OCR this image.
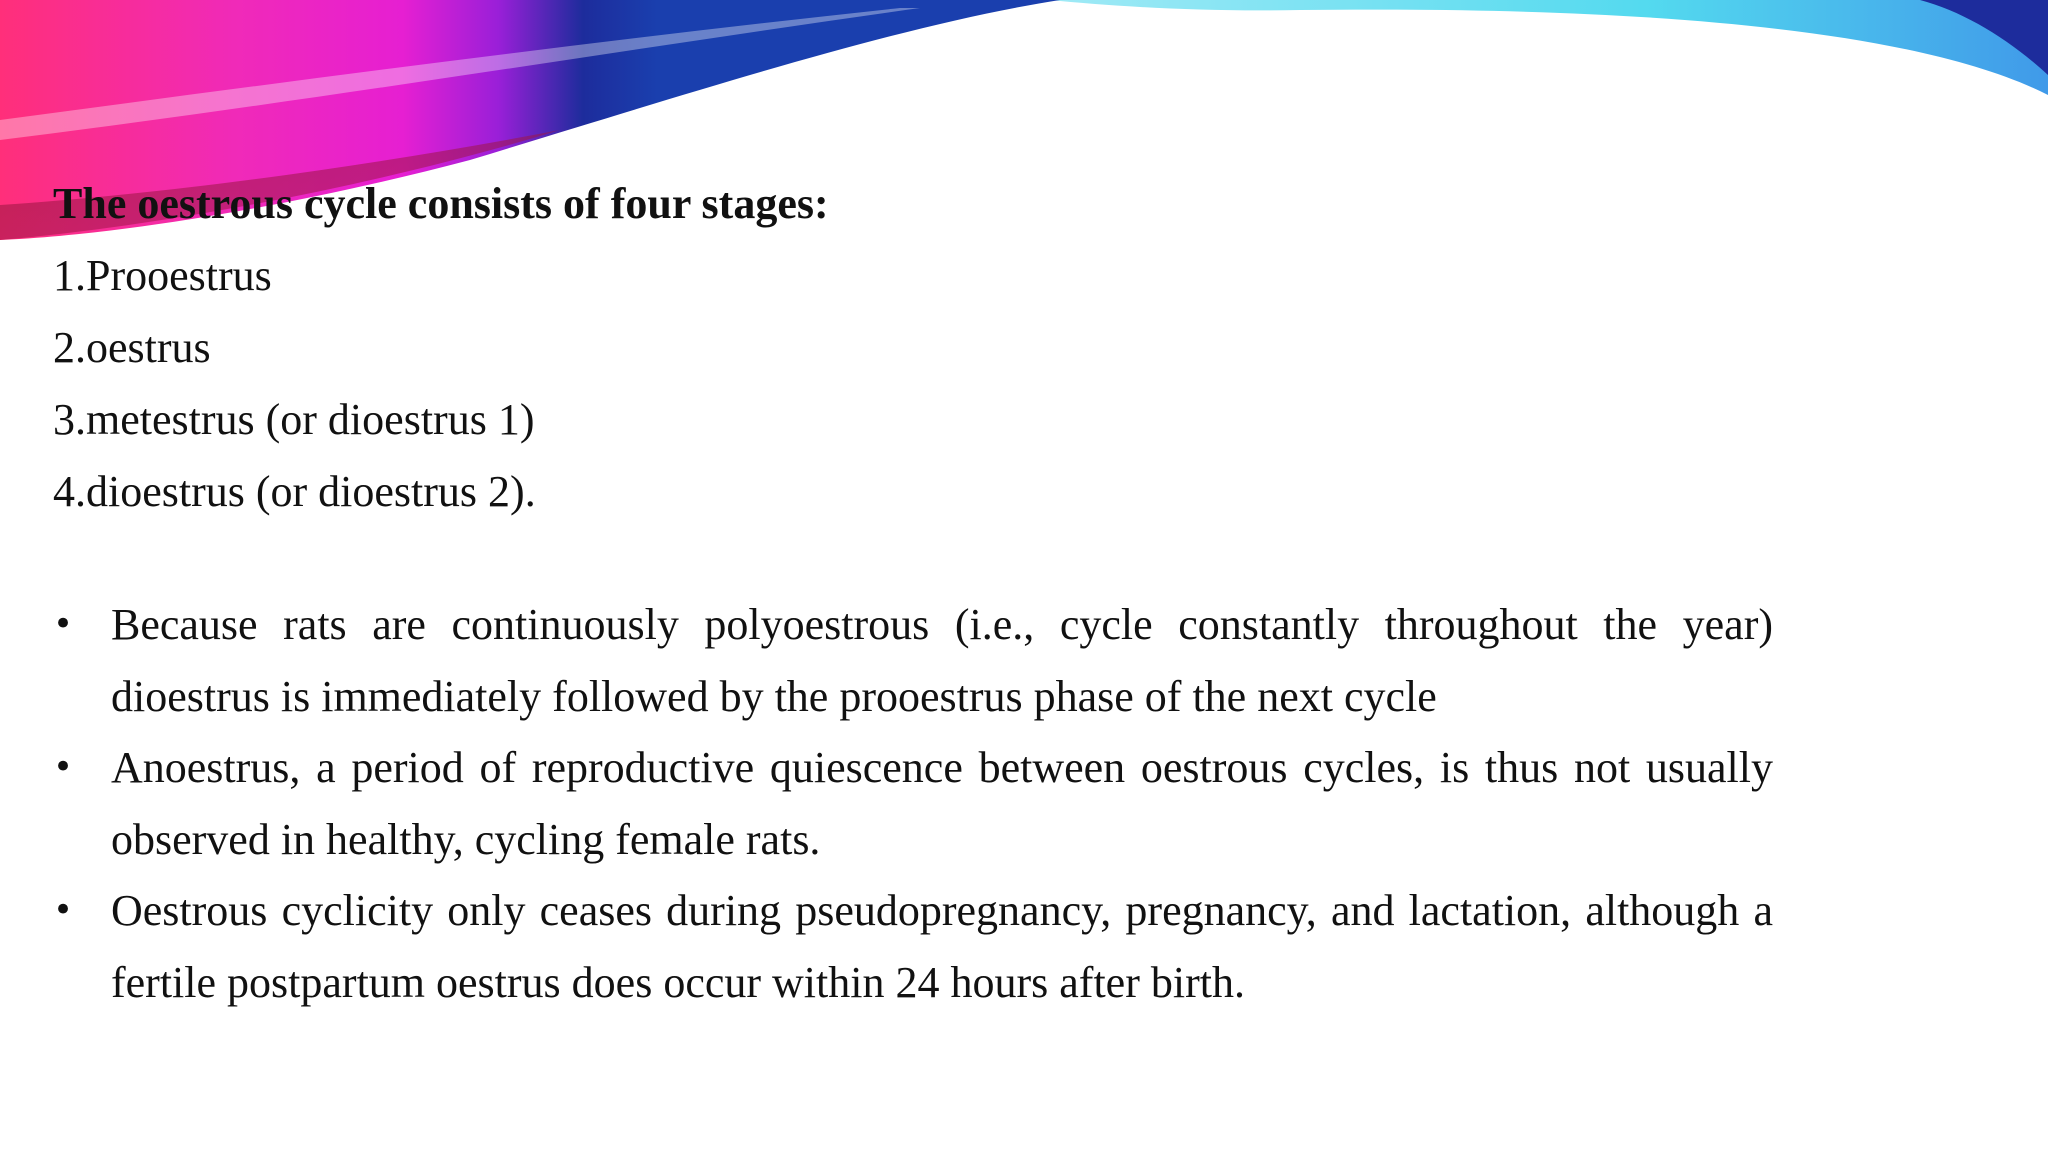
The oestrous cycle consists of four stages:

1.Prooestrus
2.oestrus
3.metestrus (or dioestrus 1)
4.dioestrus (or dioestrus 2).
• Because rats are continuously polyoestrous (i.e., cycle constantly throughout the year) dioestrus is immediately followed by the prooestrus phase of the next cycle
• Anoestrus, a period of reproductive quiescence between oestrous cycles, is thus not usually observed in healthy, cycling female rats.
• Oestrous cyclicity only ceases during pseudopregnancy, pregnancy, and lactation, although a fertile postpartum oestrus does occur within 24 hours after birth.
